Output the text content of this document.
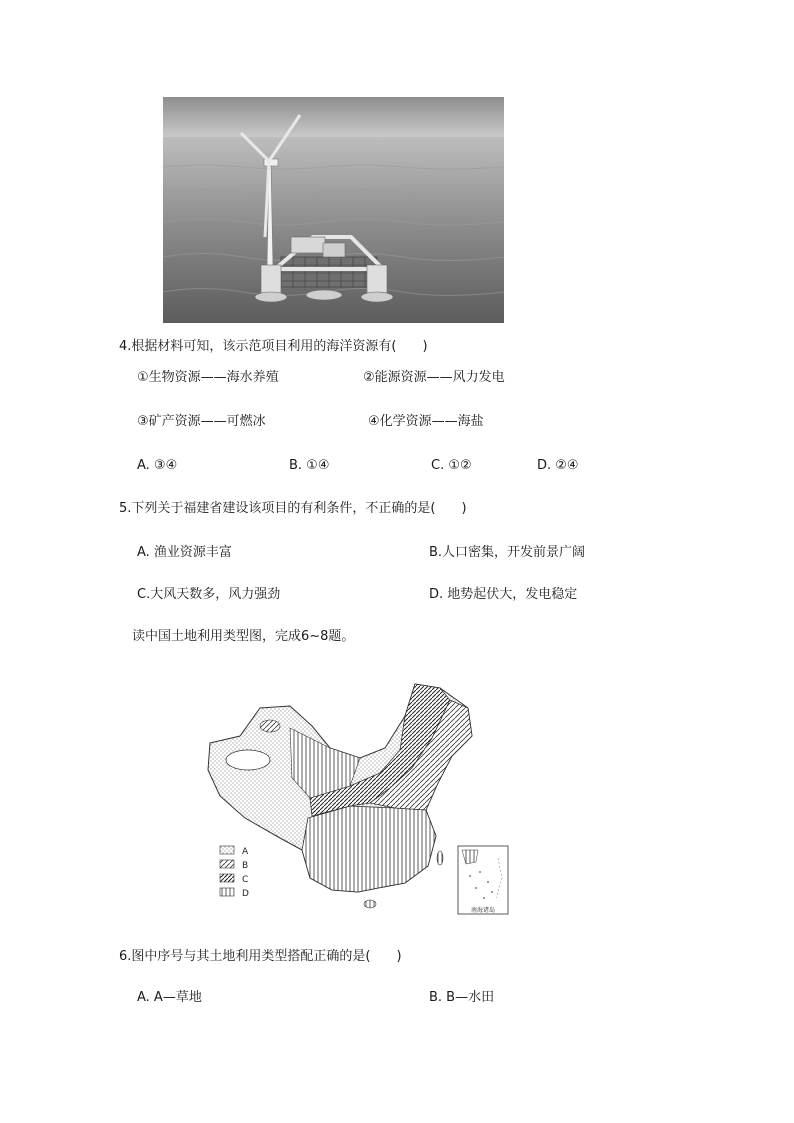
4.根据材料可知，该示范项目利用的海洋资源有(　　)
①生物资源——海水养殖	②能源资源——风力发电
③矿产资源——可燃冰	④化学资源——海盐
A. ③④	B. ①④	C. ①②	D. ②④
5.下列关于福建省建设该项目的有利条件，不正确的是(　　)
A. 渔业资源丰富	B.人口密集，开发前景广阔
C.大风天数多，风力强劲	D. 地势起伏大，发电稳定
读中国土地利用类型图，完成6~8题。
A
B
C
D
南海诸岛
6.图中序号与其土地利用类型搭配正确的是(　　)
A. A—草地	B. B—水田
